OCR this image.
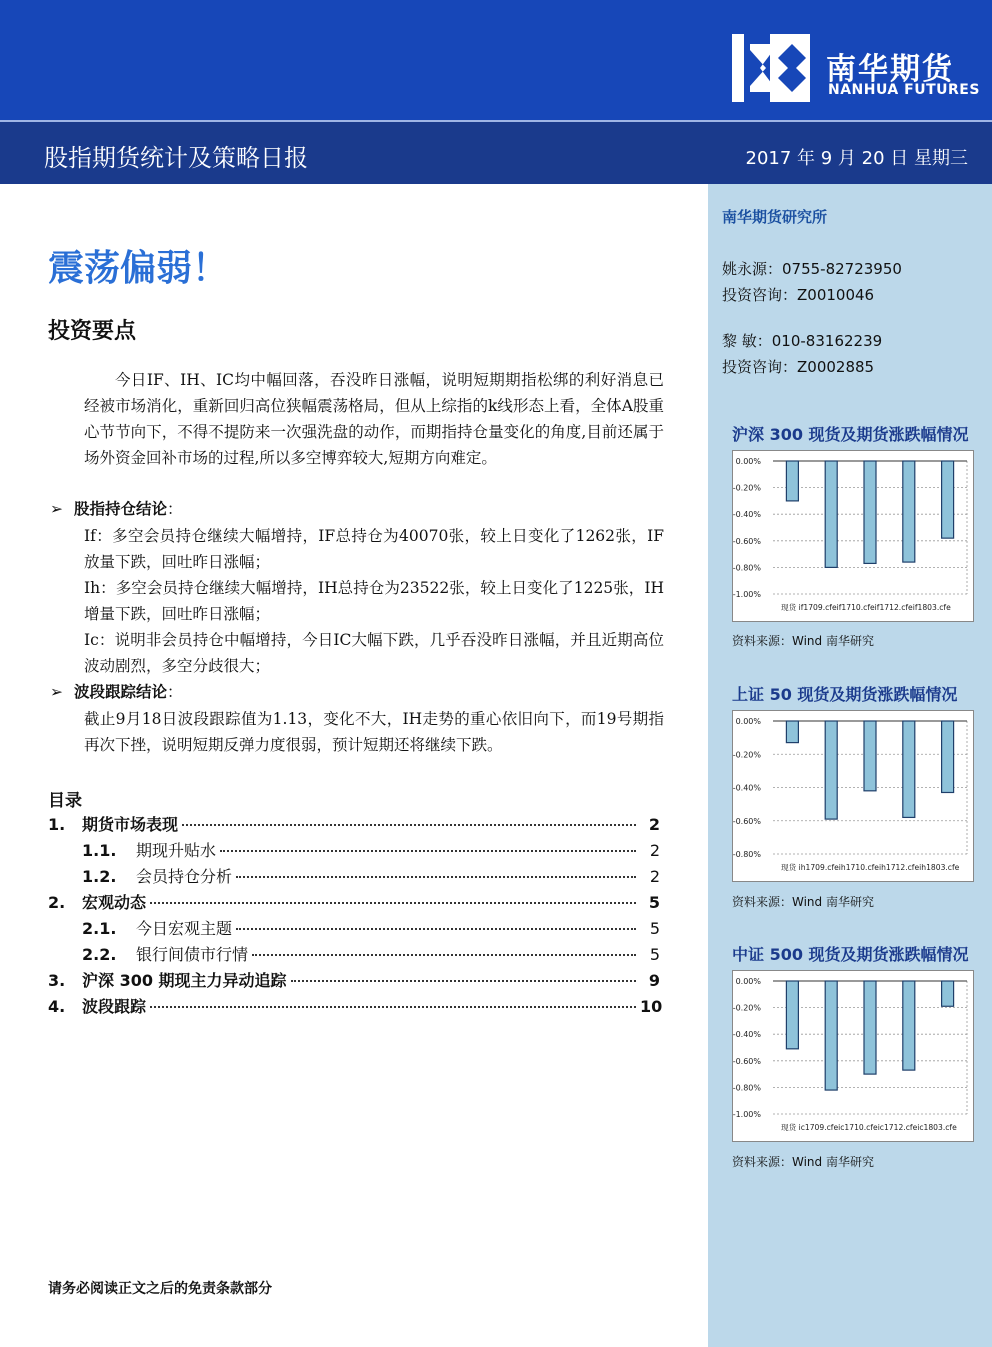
南华期货
NANHUA FUTURES
股指期货统计及策略日报	2017 年 9 月 20 日 星期三
南华期货研究所
姚永源：0755-82723950
投资咨询：Z0010046
黎 敏：010-83162239
投资咨询：Z0002885
沪深 300 现货及期货涨跌幅情况
0.00%
-0.20%
-0.40%
-0.60%
-0.80%
-1.00%
现货 if1709.cfeif1710.cfeif1712.cfeif1803.cfe
资料来源：Wind 南华研究
上证 50 现货及期货涨跌幅情况
0.00%
-0.20%
-0.40%
-0.60%
-0.80%
现货 ih1709.cfeih1710.cfeih1712.cfeih1803.cfe
资料来源：Wind 南华研究
中证 500 现货及期货涨跌幅情况
0.00%
-0.20%
-0.40%
-0.60%
-0.80%
-1.00%
现货 ic1709.cfeic1710.cfeic1712.cfeic1803.cfe
资料来源：Wind 南华研究
震荡偏弱！
投资要点
今日IF、IH、IC均中幅回落，吞没昨日涨幅，说明短期期指松绑的利好消息已经被市场消化，重新回归高位狭幅震荡格局，但从上综指的k线形态上看，全体A股重心节节向下，不得不提防来一次强洗盘的动作，而期指持仓量变化的角度,目前还属于场外资金回补市场的过程,所以多空博弈较大,短期方向难定。
➢ 股指持仓结论：
If：多空会员持仓继续大幅增持，IF总持仓为40070张，较上日变化了1262张，IF放量下跌，回吐昨日涨幅；
Ih：多空会员持仓继续大幅增持，IH总持仓为23522张，较上日变化了1225张，IH增量下跌，回吐昨日涨幅；
Ic：说明非会员持仓中幅增持，今日IC大幅下跌，几乎吞没昨日涨幅，并且近期高位波动剧烈，多空分歧很大；
➢ 波段跟踪结论：
截止9月18日波段跟踪值为1.13，变化不大，IH走势的重心依旧向下，而19号期指再次下挫，说明短期反弹力度很弱，预计短期还将继续下跌。
目录
1.	期货市场表现	2
1.1.	期现升贴水	2
1.2.	会员持仓分析	2
2.	宏观动态	5
2.1.	今日宏观主题	5
2.2.	银行间债市行情	5
3.	沪深 300 期现主力异动追踪	9
4.	波段跟踪	10
请务必阅读正文之后的免责条款部分
